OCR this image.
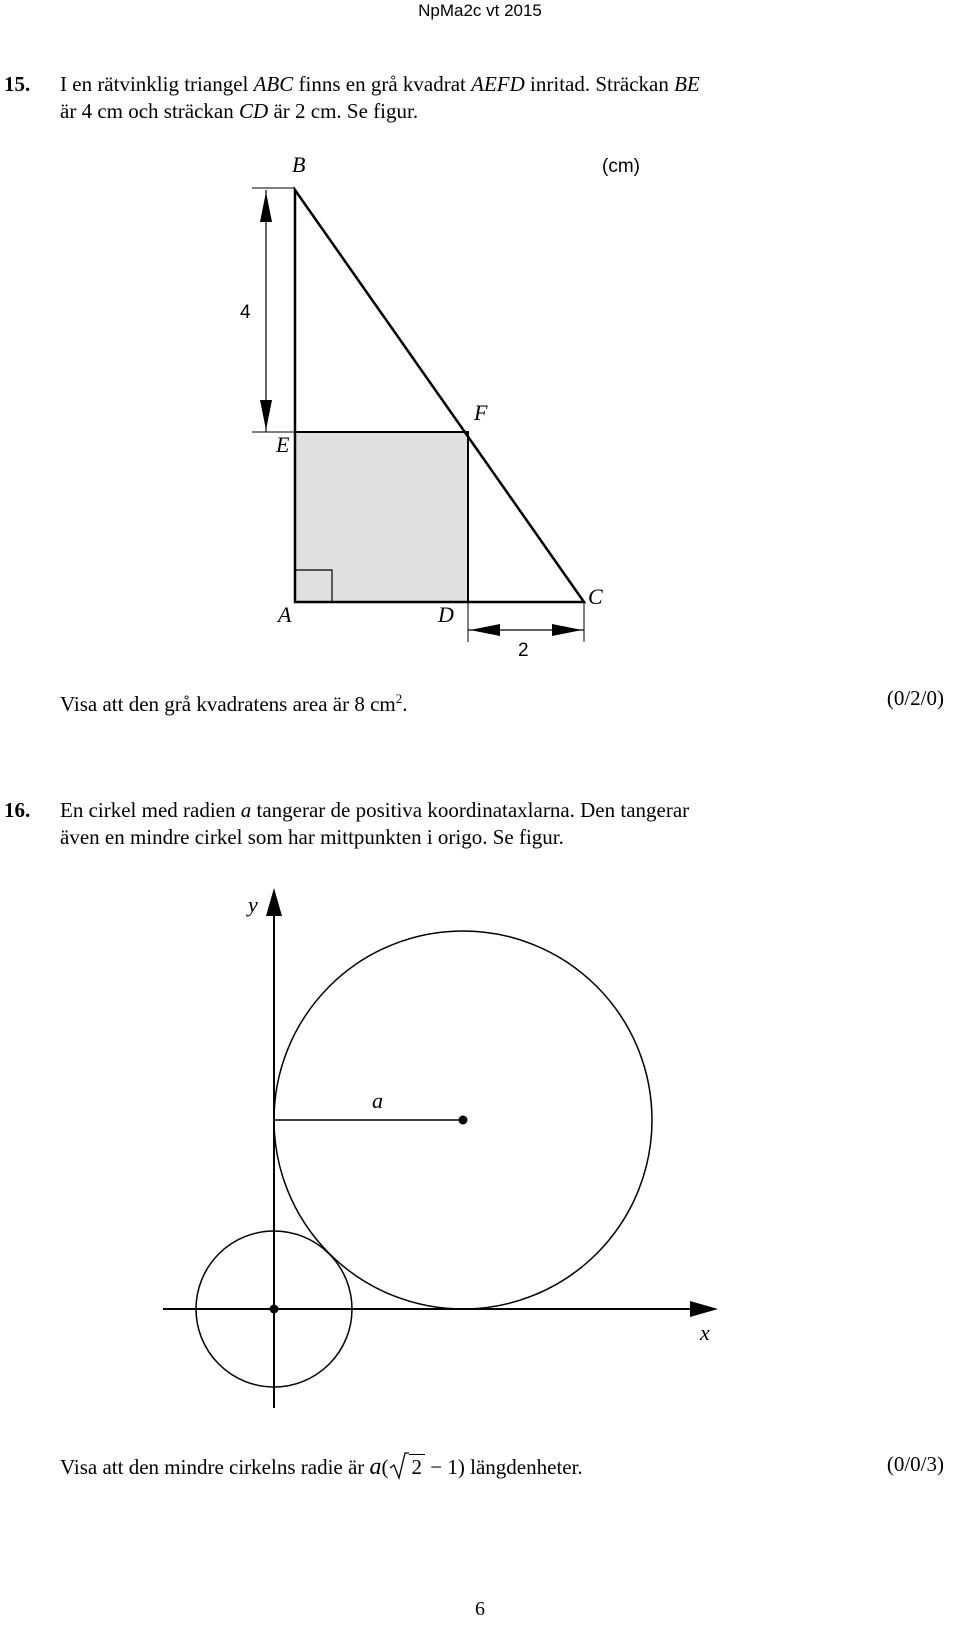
NpMa2c vt 2015
15. I en rätvinklig triangel ABC finns en grå kvadrat AEFD inritad. Sträckan BE
är 4 cm och sträckan CD är 2 cm. Se figur.
B	(cm)
4
F
E
C
A	D
2
Visa att den grå kvadratens area är 8 $cm^2$.	(0/2/0)
16. En cirkel med radien a tangerar de positiva koordinataxlarna. Den tangerar
även en mindre cirkel som har mittpunkten i origo. Se figur.
y
a
x
Visa att den mindre cirkelns radie är a( 2 − 1) längdenheter.	(0/0/3)
6
